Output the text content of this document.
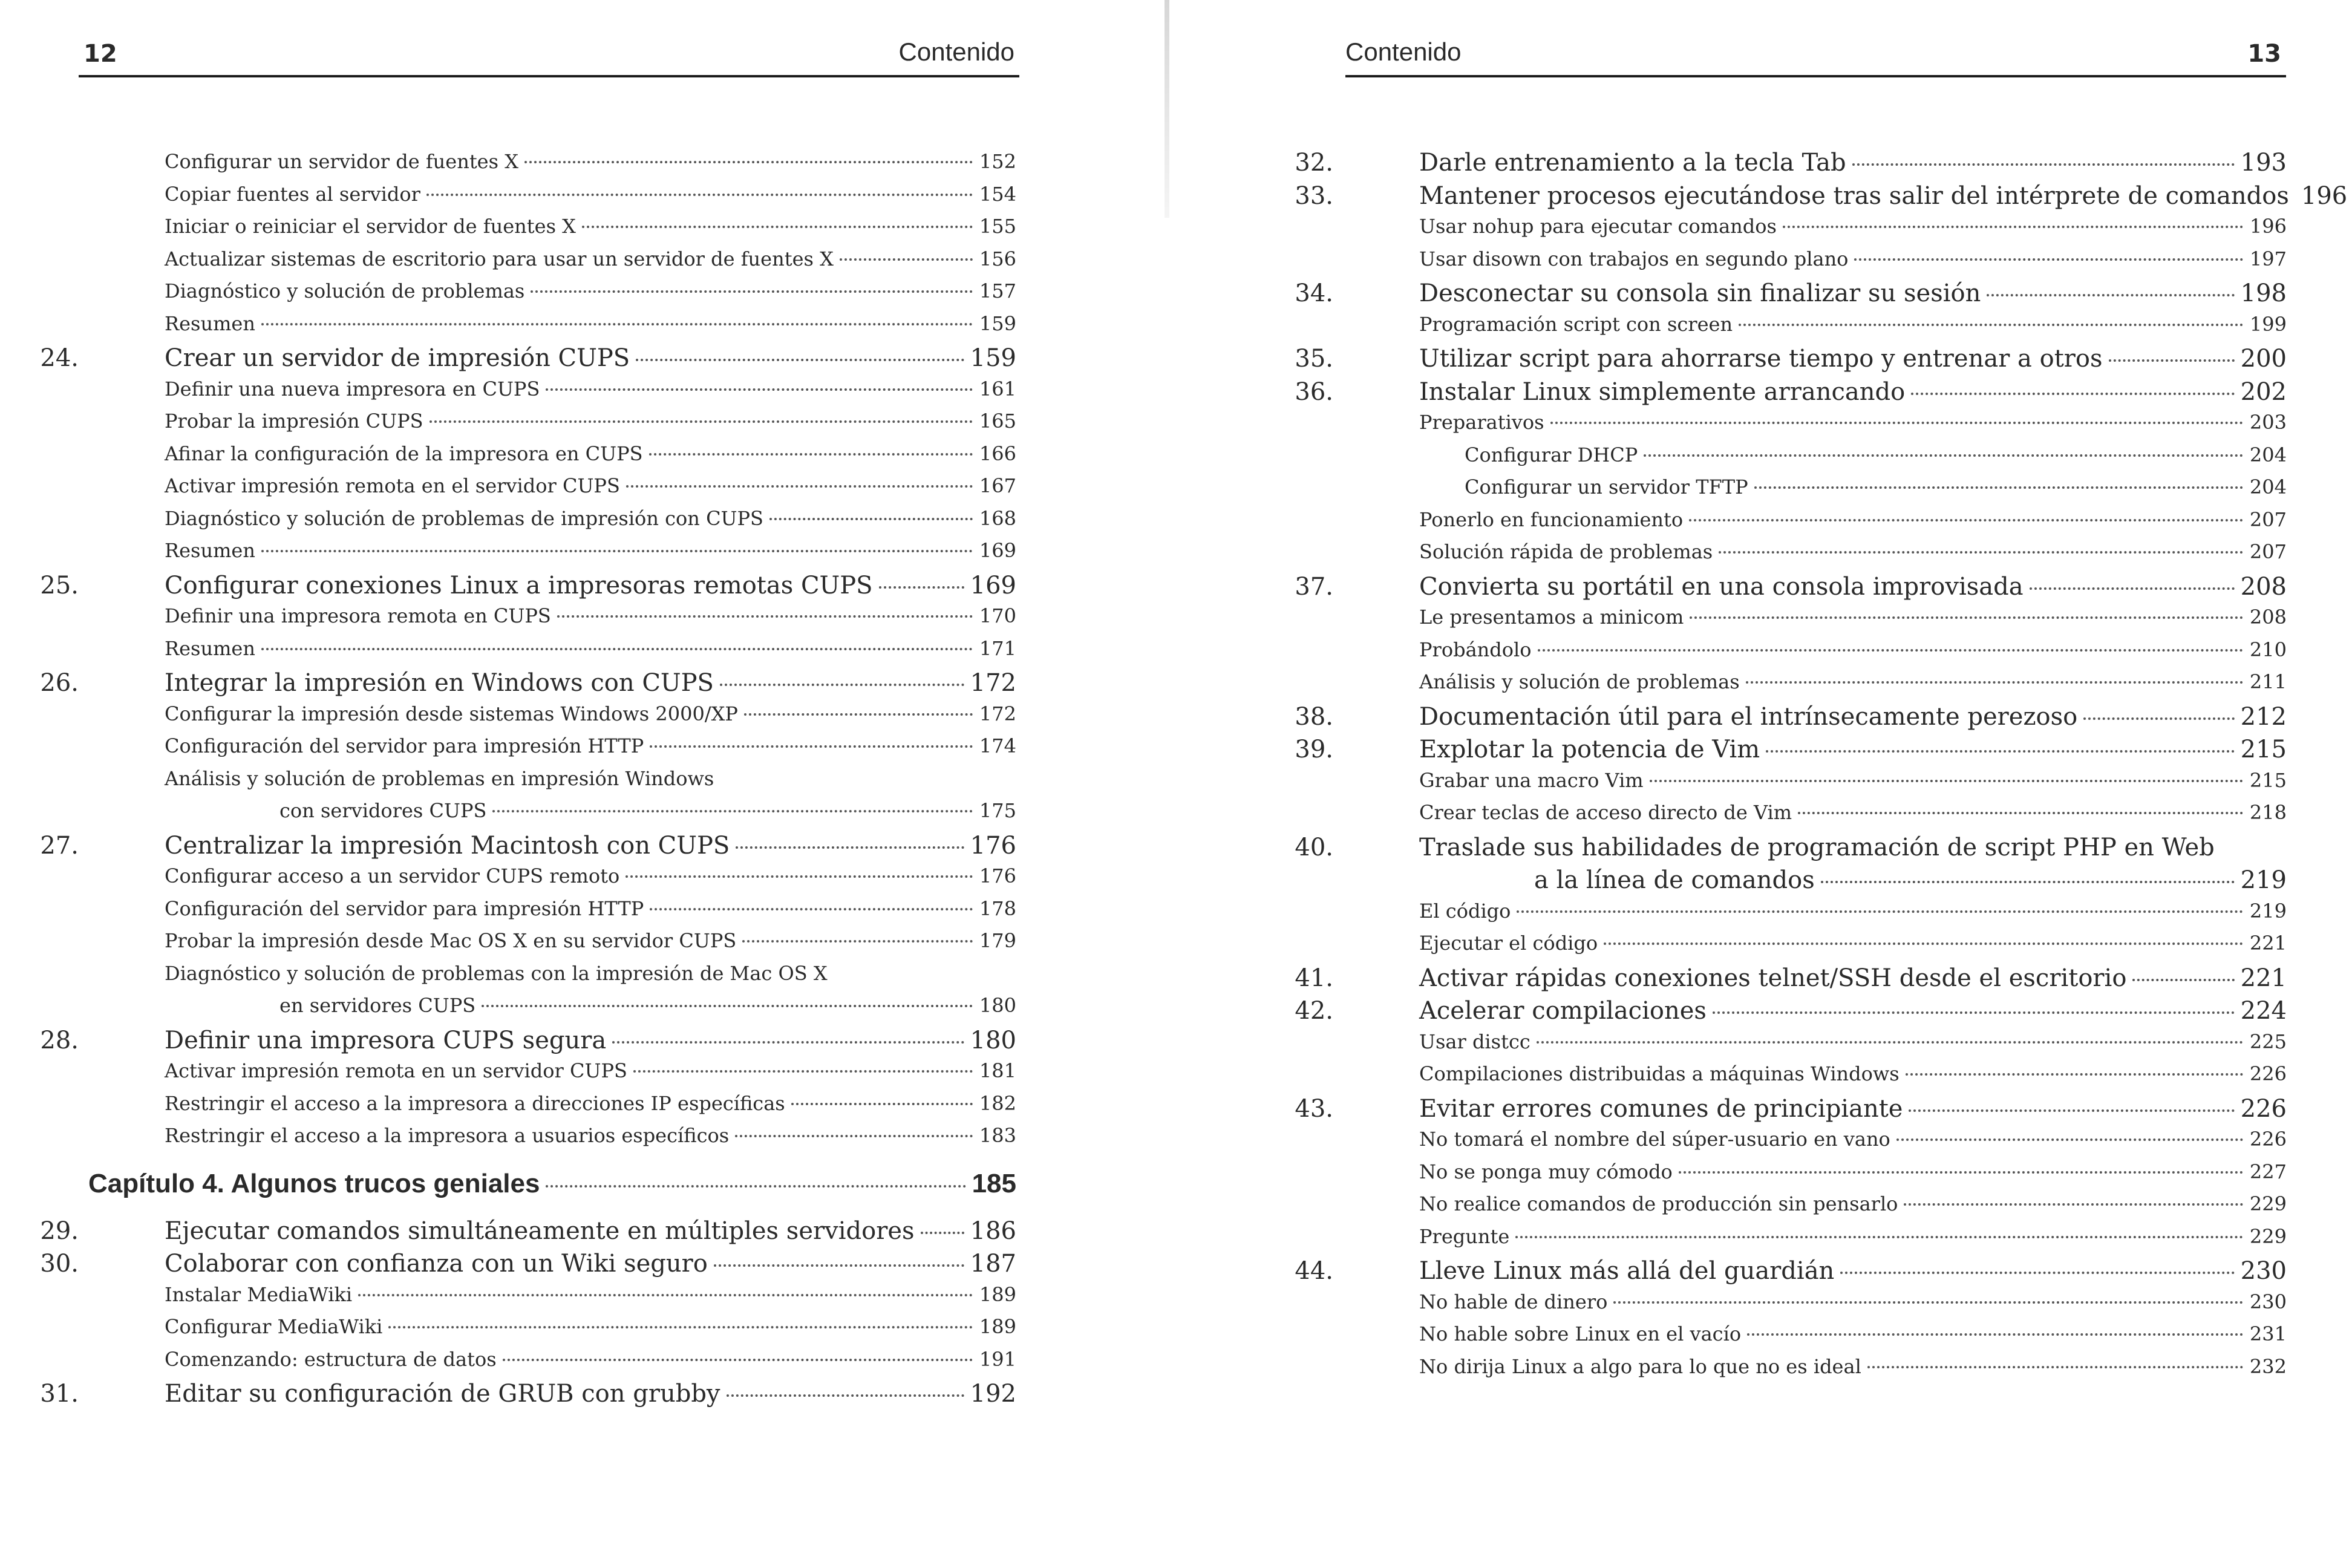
12	Contenido
Configurar un servidor de fuentes X	152
Copiar fuentes al servidor	154
Iniciar o reiniciar el servidor de fuentes X	155
Actualizar sistemas de escritorio para usar un servidor de fuentes X	156
Diagnóstico y solución de problemas	157
Resumen	159
24.	Crear un servidor de impresión CUPS	159
Definir una nueva impresora en CUPS	161
Probar la impresión CUPS	165
Afinar la configuración de la impresora en CUPS	166
Activar impresión remota en el servidor CUPS	167
Diagnóstico y solución de problemas de impresión con CUPS	168
Resumen	169
25.	Configurar conexiones Linux a impresoras remotas CUPS	169
Definir una impresora remota en CUPS	170
Resumen	171
26.	Integrar la impresión en Windows con CUPS	172
Configurar la impresión desde sistemas Windows 2000/XP	172
Configuración del servidor para impresión HTTP	174
Análisis y solución de problemas en impresión Windows
con servidores CUPS	175
27.	Centralizar la impresión Macintosh con CUPS	176
Configurar acceso a un servidor CUPS remoto	176
Configuración del servidor para impresión HTTP	178
Probar la impresión desde Mac OS X en su servidor CUPS	179
Diagnóstico y solución de problemas con la impresión de Mac OS X
en servidores CUPS	180
28.	Definir una impresora CUPS segura	180
Activar impresión remota en un servidor CUPS	181
Restringir el acceso a la impresora a direcciones IP específicas	182
Restringir el acceso a la impresora a usuarios específicos	183
Capítulo 4. Algunos trucos geniales	185
29.	Ejecutar comandos simultáneamente en múltiples servidores 186
30.	Colaborar con confianza con un Wiki seguro	187
Instalar MediaWiki	189
Configurar MediaWiki	189
Comenzando: estructura de datos	191
31.	Editar su configuración de GRUB con grubby	192
Contenido	13
32.	Darle entrenamiento a la tecla Tab	193
33.	Mantener procesos ejecutándose tras salir del intérprete de comandos 196
Usar nohup para ejecutar comandos	196
Usar disown con trabajos en segundo plano	197
34.	Desconectar su consola sin finalizar su sesión	198
Programación script con screen	199
35.	Utilizar script para ahorrarse tiempo y entrenar a otros	200
36.	Instalar Linux simplemente arrancando	202
Preparativos	203
Configurar DHCP	204
Configurar un servidor TFTP	204
Ponerlo en funcionamiento	207
Solución rápida de problemas	207
37.	Convierta su portátil en una consola improvisada	208
Le presentamos a minicom	208
Probándolo	210
Análisis y solución de problemas	211
38.	Documentación útil para el intrínsecamente perezoso	212
39.	Explotar la potencia de Vim	215
Grabar una macro Vim	215
Crear teclas de acceso directo de Vim	218
40.	Traslade sus habilidades de programación de script PHP en Web
a la línea de comandos	219
El código	219
Ejecutar el código	221
41.	Activar rápidas conexiones telnet/SSH desde el escritorio	221
42.	Acelerar compilaciones	224
Usar distcc	225
Compilaciones distribuidas a máquinas Windows	226
43.	Evitar errores comunes de principiante	226
No tomará el nombre del súper-usuario en vano	226
No se ponga muy cómodo	227
No realice comandos de producción sin pensarlo	229
Pregunte	229
44.	Lleve Linux más allá del guardián	230
No hable de dinero	230
No hable sobre Linux en el vacío	231
No dirija Linux a algo para lo que no es ideal	232
